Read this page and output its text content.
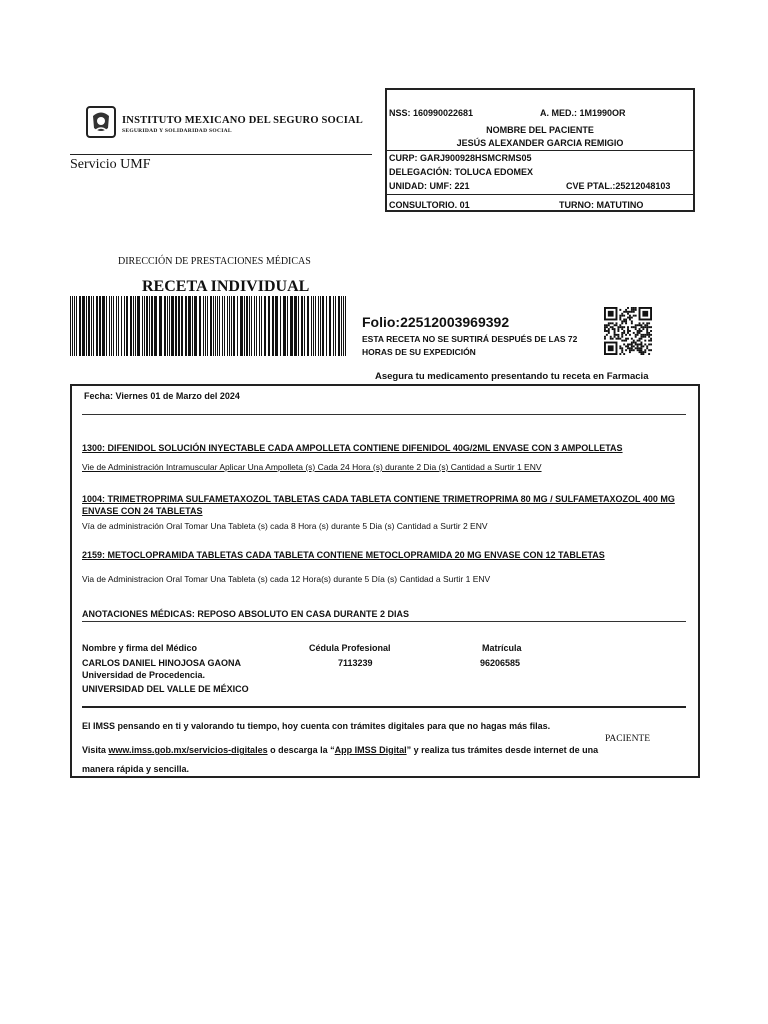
INSTITUTO MEXICANO DEL SEGURO SOCIAL
SEGURIDAD Y SOLIDARIDAD SOCIAL
Servicio UMF
NSS: 160990022681	A. MED.: 1M1990OR
NOMBRE DEL PACIENTE
JESÚS ALEXANDER GARCIA REMIGIO
CURP: GARJ900928HSMCRMS05
DELEGACIÓN: TOLUCA EDOMEX
UNIDAD: UMF: 221	CVE PTAL.:25212048103
CONSULTORIO. 01	TURNO: MATUTINO
DIRECCIÓN DE PRESTACIONES MÉDICAS
RECETA INDIVIDUAL
Folio:22512003969392
ESTA RECETA NO SE SURTIRÁ DESPUÉS DE LAS 72 HORAS DE SU EXPEDICIÓN
Asegura tu medicamento presentando tu receta en Farmacia
Fecha: Viernes 01 de Marzo del 2024
1300: DIFENIDOL SOLUCIÓN INYECTABLE CADA AMPOLLETA CONTIENE DIFENIDOL 40G/2ML ENVASE CON 3 AMPOLLETAS
Vie de Administración Intramuscular Aplicar Una Ampolleta (s) Cada 24 Hora (s) durante 2 Dia (s) Cantidad a Surtir 1 ENV
1004: TRIMETROPRIMA SULFAMETAXOZOL TABLETAS CADA TABLETA CONTIENE TRIMETROPRIMA 80 MG / SULFAMETAXOZOL 400 MG
ENVASE CON 24 TABLETAS
Vía de administración Oral Tomar Una Tableta (s) cada 8 Hora (s) durante 5 Dia (s) Cantidad a Surtir 2 ENV
2159: METOCLOPRAMIDA TABLETAS CADA TABLETA CONTIENE METOCLOPRAMIDA 20 MG ENVASE CON 12 TABLETAS
Via de Administracion Oral Tomar Una Tableta (s) cada 12 Hora(s) durante 5 Día (s) Cantidad a Surtir 1 ENV
ANOTACIONES MÉDICAS: REPOSO ABSOLUTO EN CASA DURANTE 2 DIAS
Nombre y firma del Médico	Cédula Profesional	Matrícula
CARLOS DANIEL HINOJOSA GAONA	7113239	96206585
Universidad de Procedencia.
UNIVERSIDAD DEL VALLE DE MÉXICO
El IMSS pensando en ti y valorando tu tiempo, hoy cuenta con trámites digitales para que no hagas más filas.
PACIENTE
Visita www.imss.gob.mx/servicios-digitales o descarga la “App IMSS Digital” y realiza tus trámites desde internet de una
manera rápida y sencilla.
